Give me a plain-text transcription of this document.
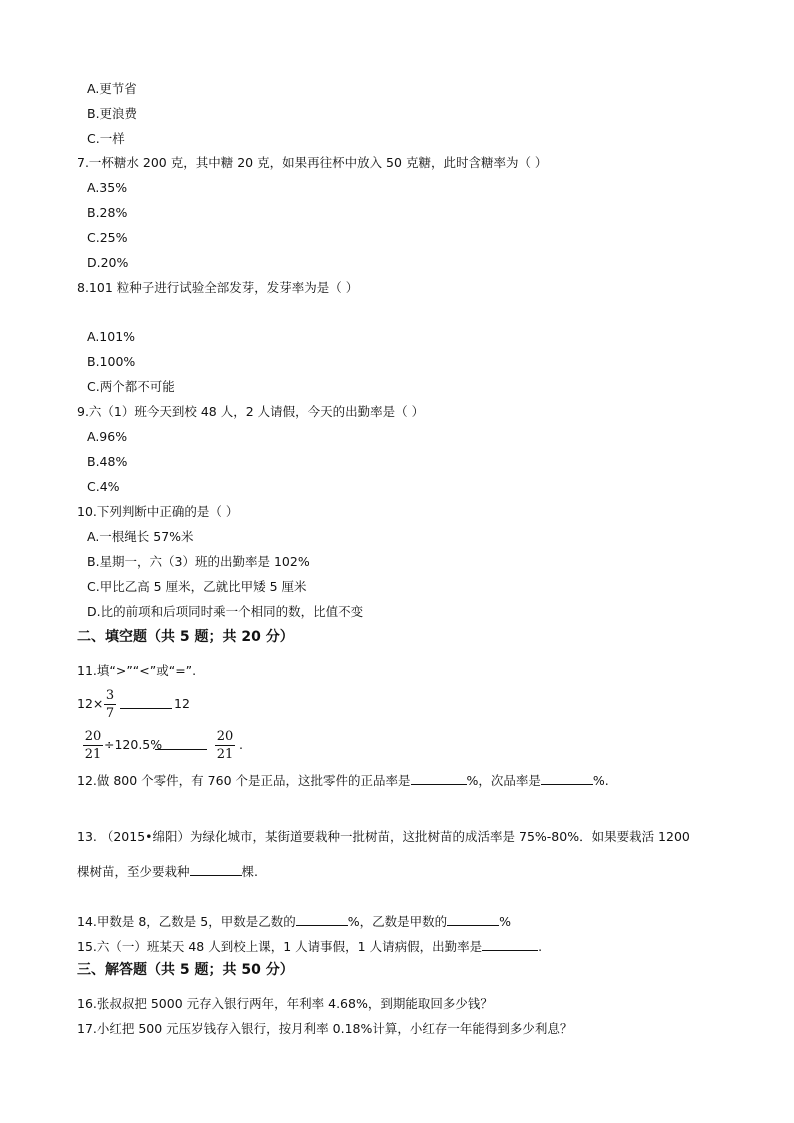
A.更节省
B.更浪费
C.一样
7.一杯糖水 200 克，其中糖 20 克，如果再往杯中放入 50 克糖，此时含糖率为（ ）
A.35%
B.28%
C.25%
D.20%
8.101 粒种子进行试验全部发芽，发芽率为是（ ）
A.101%
B.100%
C.两个都不可能
9.六（1）班今天到校 48 人，2 人请假，今天的出勤率是（ ）
A.96%
B.48%
C.4%
10.下列判断中正确的是（ ）
A.一根绳长 57%米
B.星期一，六（3）班的出勤率是 102%
C.甲比乙高 5 厘米，乙就比甲矮 5 厘米
D.比的前项和后项同时乘一个相同的数，比值不变
二、填空题（共 5 题；共 20 分）
11.填“>”“<”或“=”.
12×
3
7
12
20
21
÷120.5%
20
21
.
12.做 800 个零件，有 760 个是正品，这批零件的正品率是	%，次品率是	%.
13. （2015•绵阳）为绿化城市，某街道要栽种一批树苗，这批树苗的成活率是 75%-80%．如果要栽活 1200
棵树苗，至少要栽种	棵.
14.甲数是 8，乙数是 5，甲数是乙数的	%，乙数是甲数的	%
15.六（一）班某天 48 人到校上课，1 人请事假，1 人请病假，出勤率是	.
三、解答题（共 5 题；共 50 分）
16.张叔叔把 5000 元存入银行两年，年利率 4.68%，到期能取回多少钱？
17.小红把 500 元压岁钱存入银行，按月利率 0.18%计算，小红存一年能得到多少利息？
